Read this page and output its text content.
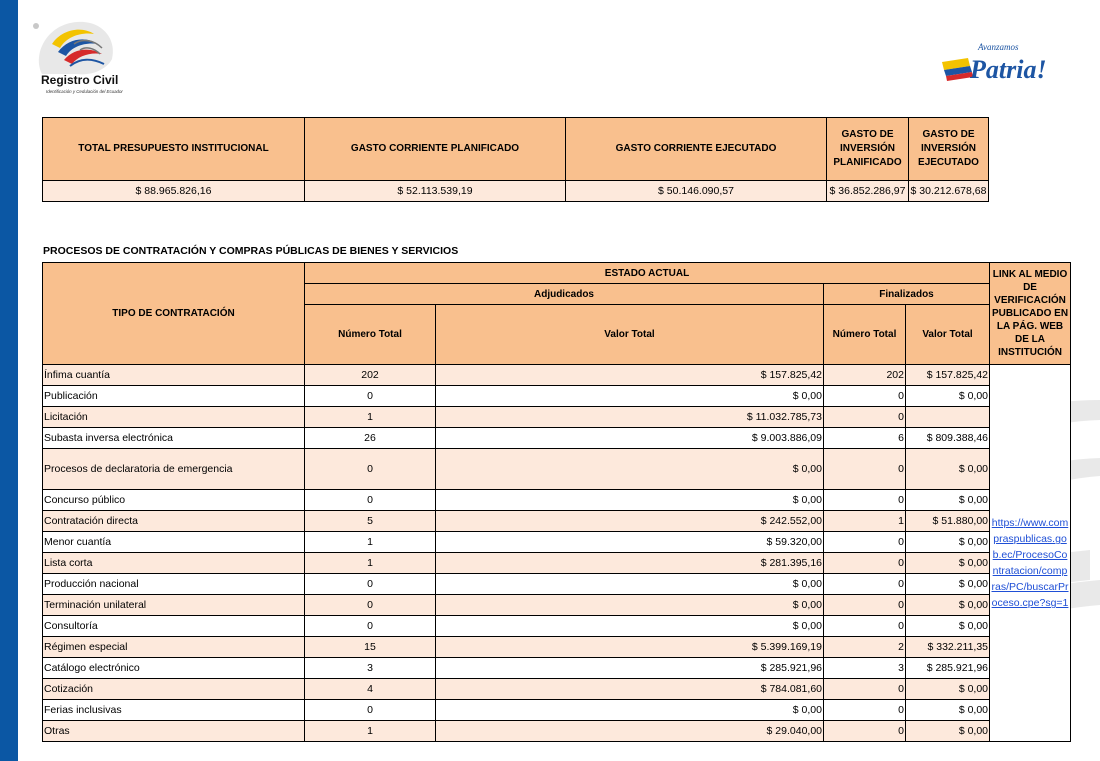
Registro Civil
Identificación y Cedulación del Ecuador
Avanzamos
Patria!
TOTAL PRESUPUESTO INSTITUCIONAL	GASTO CORRIENTE PLANIFICADO	GASTO CORRIENTE EJECUTADO	GASTO DE INVERSIÓN PLANIFICADO	GASTO DE INVERSIÓN EJECUTADO
$ 88.965.826,16	$ 52.113.539,19	$ 50.146.090,57	$ 36.852.286,97	$ 30.212.678,68
PROCESOS DE CONTRATACIÓN Y COMPRAS PÚBLICAS DE BIENES Y SERVICIOS
TIPO DE CONTRATACIÓN	ESTADO ACTUAL				LINK AL MEDIO DE VERIFICACIÓN PUBLICADO EN LA PÁG. WEB DE LA INSTITUCIÓN
	Adjudicados		Finalizados		
	Número Total	Valor Total	Número Total	Valor Total	
Ínfima cuantía	202	$ 157.825,42	202	$ 157.825,42	
Publicación	0	$ 0,00	0	$ 0,00	https://www.compraspublicas.gob.ec/ProcesoContratacion/compras/PC/buscarProceso.cpe?sg=1

Licitación	1	$ 11.032.785,73	0		
Subasta inversa electrónica	26	$ 9.003.886,09	6	$ 809.388,46	
Procesos de declaratoria de emergencia	0	$ 0,00	0	$ 0,00	
Concurso público	0	$ 0,00	0	$ 0,00	
Contratación directa	5	$ 242.552,00	1	$ 51.880,00	
Menor cuantía	1	$ 59.320,00	0	$ 0,00	
Lista corta	1	$ 281.395,16	0	$ 0,00	
Producción nacional	0	$ 0,00	0	$ 0,00	
Terminación unilateral	0	$ 0,00	0	$ 0,00	
Consultoría	0	$ 0,00	0	$ 0,00	
Régimen especial	15	$ 5.399.169,19	2	$ 332.211,35	
Catálogo electrónico	3	$ 285.921,96	3	$ 285.921,96	
Cotización	4	$ 784.081,60	0	$ 0,00	
Ferias inclusivas	0	$ 0,00	0	$ 0,00	
Otras	1	$ 29.040,00	0	$ 0,00	
